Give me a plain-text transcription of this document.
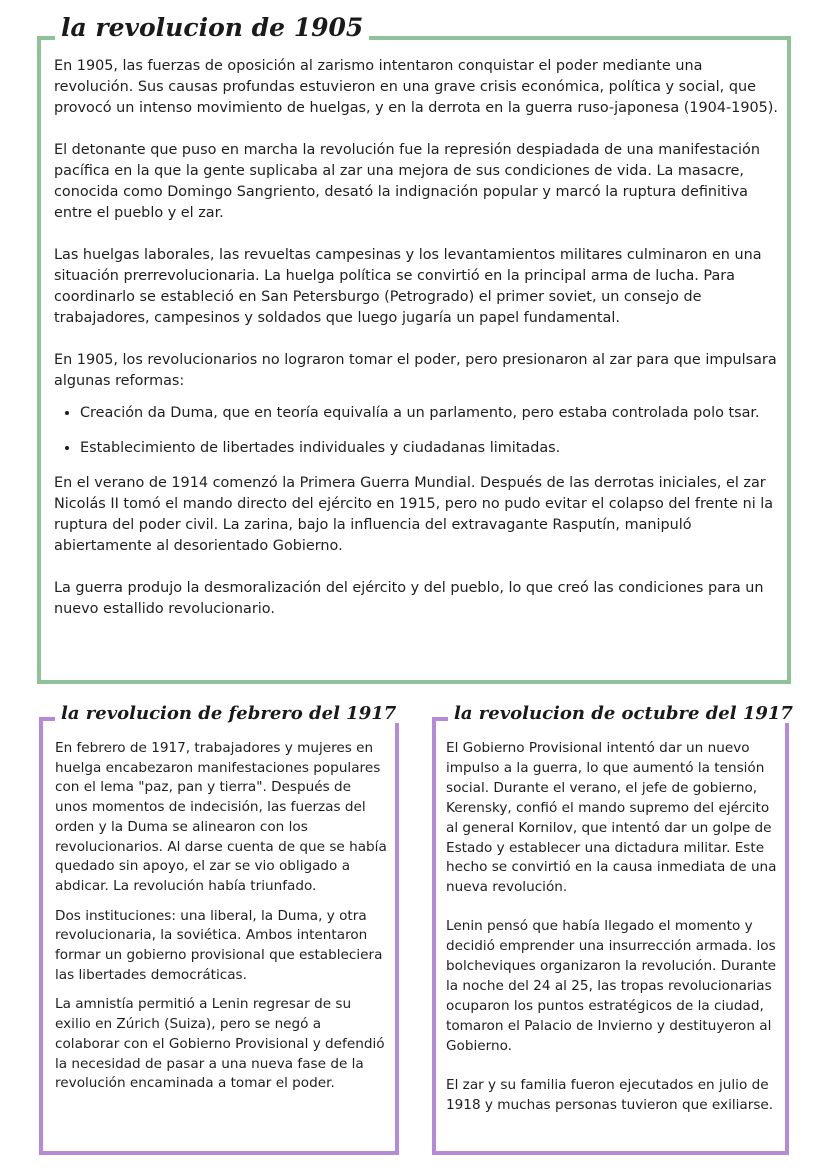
la revolucion de 1905

En 1905, las fuerzas de oposición al zarismo intentaron conquistar el poder mediante una revolución. Sus causas profundas estuvieron en una grave crisis económica, política y social, que provocó un intenso movimiento de huelgas, y en la derrota en la guerra ruso-japonesa (1904-1905).

El detonante que puso en marcha la revolución fue la represión despiadada de una manifestación pacífica en la que la gente suplicaba al zar una mejora de sus condiciones de vida. La masacre, conocida como Domingo Sangriento, desató la indignación popular y marcó la ruptura definitiva entre el pueblo y el zar.

Las huelgas laborales, las revueltas campesinas y los levantamientos militares culminaron en una situación prerrevolucionaria. La huelga política se convirtió en la principal arma de lucha. Para coordinarlo se estableció en San Petersburgo (Petrogrado) el primer soviet, un consejo de trabajadores, campesinos y soldados que luego jugaría un papel fundamental.

En 1905, los revolucionarios no lograron tomar el poder, pero presionaron al zar para que impulsara algunas reformas:

• Creación da Duma, que en teoría equivalía a un parlamento, pero estaba controlada polo tsar.
• Establecimiento de libertades individuales y ciudadanas limitadas.

En el verano de 1914 comenzó la Primera Guerra Mundial. Después de las derrotas iniciales, el zar Nicolás II tomó el mando directo del ejército en 1915, pero no pudo evitar el colapso del frente ni la ruptura del poder civil. La zarina, bajo la influencia del extravagante Rasputín, manipuló abiertamente al desorientado Gobierno.

La guerra produjo la desmoralización del ejército y del pueblo, lo que creó las condiciones para un nuevo estallido revolucionario.

la revolucion de febrero del 1917

En febrero de 1917, trabajadores y mujeres en huelga encabezaron manifestaciones populares con el lema "paz, pan y tierra". Después de unos momentos de indecisión, las fuerzas del orden y la Duma se alinearon con los revolucionarios. Al darse cuenta de que se había quedado sin apoyo, el zar se vio obligado a abdicar. La revolución había triunfado.

Dos instituciones: una liberal, la Duma, y otra revolucionaria, la soviética. Ambos intentaron formar un gobierno provisional que estableciera las libertades democráticas.

La amnistía permitió a Lenin regresar de su exilio en Zúrich (Suiza), pero se negó a colaborar con el Gobierno Provisional y defendió la necesidad de pasar a una nueva fase de la revolución encaminada a tomar el poder.

la revolucion de octubre del 1917

El Gobierno Provisional intentó dar un nuevo impulso a la guerra, lo que aumentó la tensión social. Durante el verano, el jefe de gobierno, Kerensky, confió el mando supremo del ejército al general Kornilov, que intentó dar un golpe de Estado y establecer una dictadura militar. Este hecho se convirtió en la causa inmediata de una nueva revolución.

Lenin pensó que había llegado el momento y decidió emprender una insurrección armada. los bolcheviques organizaron la revolución. Durante la noche del 24 al 25, las tropas revolucionarias ocuparon los puntos estratégicos de la ciudad, tomaron el Palacio de Invierno y destituyeron al Gobierno.

El zar y su familia fueron ejecutados en julio de 1918 y muchas personas tuvieron que exiliarse.
